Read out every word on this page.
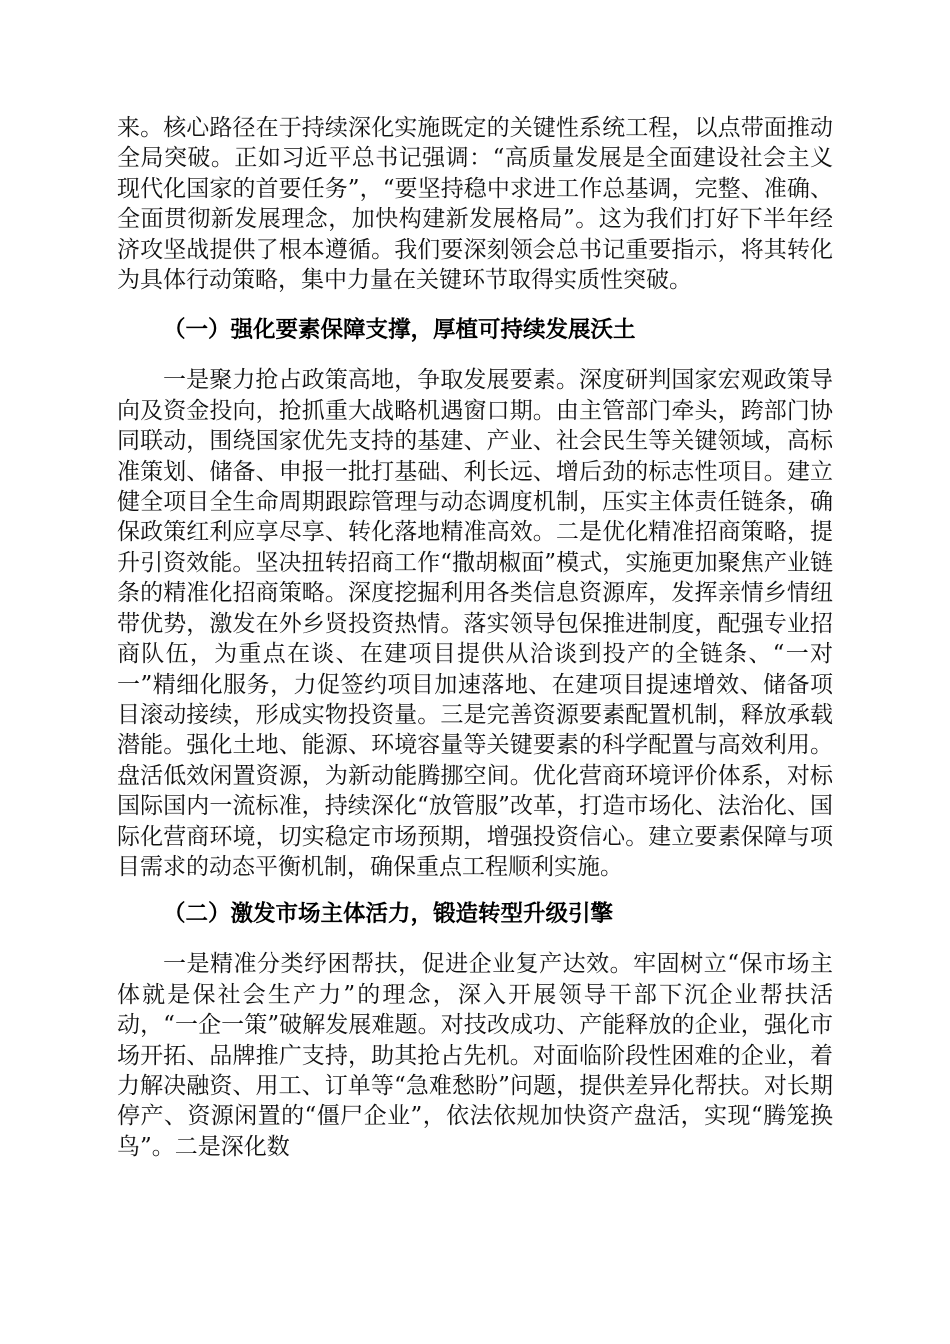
来。核心路径在于持续深化实施既定的关键性系统工程，以点带面推动全局突破。正如习近平总书记强调：“高质量发展是全面建设社会主义现代化国家的首要任务”，“要坚持稳中求进工作总基调，完整、准确、全面贯彻新发展理念，加快构建新发展格局”。这为我们打好下半年经济攻坚战提供了根本遵循。我们要深刻领会总书记重要指示，将其转化为具体行动策略，集中力量在关键环节取得实质性突破。

（一）强化要素保障支撑，厚植可持续发展沃土

一是聚力抢占政策高地，争取发展要素。深度研判国家宏观政策导向及资金投向，抢抓重大战略机遇窗口期。由主管部门牵头，跨部门协同联动，围绕国家优先支持的基建、产业、社会民生等关键领域，高标准策划、储备、申报一批打基础、利长远、增后劲的标志性项目。建立健全项目全生命周期跟踪管理与动态调度机制，压实主体责任链条，确保政策红利应享尽享、转化落地精准高效。二是优化精准招商策略，提升引资效能。坚决扭转招商工作“撒胡椒面”模式，实施更加聚焦产业链条的精准化招商策略。深度挖掘利用各类信息资源库，发挥亲情乡情纽带优势，激发在外乡贤投资热情。落实领导包保推进制度，配强专业招商队伍，为重点在谈、在建项目提供从洽谈到投产的全链条、“一对一”精细化服务，力促签约项目加速落地、在建项目提速增效、储备项目滚动接续，形成实物投资量。三是完善资源要素配置机制，释放承载潜能。强化土地、能源、环境容量等关键要素的科学配置与高效利用。盘活低效闲置资源，为新动能腾挪空间。优化营商环境评价体系，对标国际国内一流标准，持续深化“放管服”改革，打造市场化、法治化、国际化营商环境，切实稳定市场预期，增强投资信心。建立要素保障与项目需求的动态平衡机制，确保重点工程顺利实施。

（二）激发市场主体活力，锻造转型升级引擎

一是精准分类纾困帮扶，促进企业复产达效。牢固树立“保市场主体就是保社会生产力”的理念，深入开展领导干部下沉企业帮扶活动，“一企一策”破解发展难题。对技改成功、产能释放的企业，强化市场开拓、品牌推广支持，助其抢占先机。对面临阶段性困难的企业，着力解决融资、用工、订单等“急难愁盼”问题，提供差异化帮扶。对长期停产、资源闲置的“僵尸企业”，依法依规加快资产盘活，实现“腾笼换鸟”。二是深化数
